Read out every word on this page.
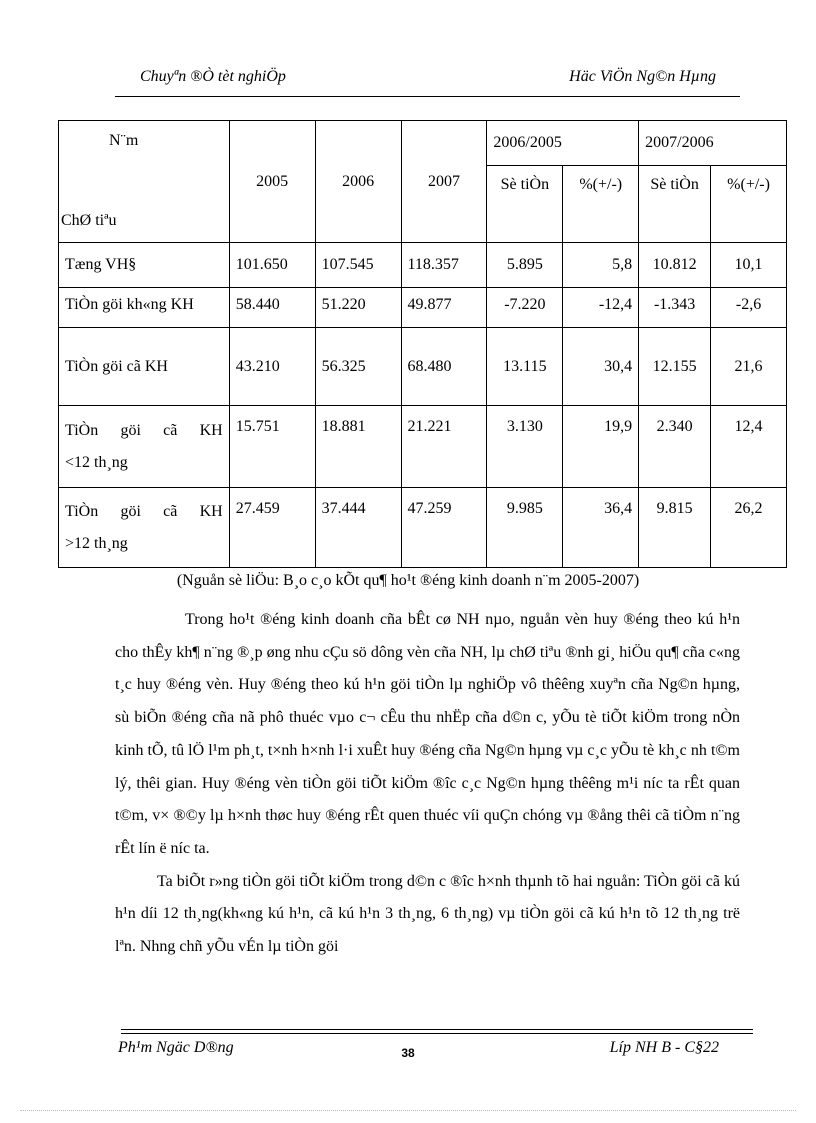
Chuyªn ®Ò tèt nghiÖp	Häc ViÖn Ng©n Hµng
N¨m
ChØ tiªu	2005	2006	2007	2006/2005		2007/2006	
				Sè tiÒn	%(+/-)	Sè tiÒn	%(+/-)
Tæng VH§	101.650	107.545	118.357	5.895	5,8	10.812	10,1
TiÒn göi kh«ng KH	58.440	51.220	49.877	-7.220	-12,4	-1.343	-2,6
TiÒn göi cã KH	43.210	56.325	68.480	13.115	30,4	12.155	21,6

TiÒn göi cã KH
<12 th¸ng	15.751	18.881	21.221	3.130	19,9	2.340	12,4

TiÒn göi cã KH
>12 th¸ng	27.459	37.444	47.259	9.985	36,4	9.815	26,2
(Nguån sè liÖu: B¸o c¸o kÕt qu¶ ho¹t ®éng kinh doanh n¨m 2005-2007)

Trong ho¹t ®éng kinh doanh cña bÊt cø NH nµo, nguån vèn huy ®éng theo kú h¹n cho thÊy kh¶ n¨ng ®¸p øng nhu cÇu sö dông vèn cña NH, lµ chØ tiªu ®nh gi¸ hiÖu qu¶ cña c«ng t¸c huy ®éng vèn. Huy ®éng theo kú h¹n göi tiÒn lµ nghiÖp vô thêêng xuyªn cña Ng©n hµng, sù biÕn ®éng cña nã phô thuéc vµo c¬ cÊu thu nhËp cña d©n c, yÕu tè tiÕt kiÖm trong nÒn kinh tÕ, tû lÖ l¹m ph¸t, t×nh h×nh l·i xuÊt huy ®éng cña Ng©n hµng vµ c¸c yÕu tè kh¸c nh t©m lý, thêi gian. Huy ®éng vèn tiÒn göi tiÕt kiÖm ®îc c¸c Ng©n hµng thêêng m¹i níc ta rÊt quan t©m, v× ®©y lµ h×nh thøc huy ®éng rÊt quen thuéc víi quÇn chóng vµ ®ång thêi cã tiÒm n¨ng rÊt lín ë níc ta.

Ta biÕt r»ng tiÒn göi tiÕt kiÖm trong d©n c ®îc h×nh thµnh tõ hai nguån: TiÒn göi cã kú h¹n díi 12 th¸ng(kh«ng kú h¹n, cã kú h¹n 3 th¸ng, 6 th¸ng) vµ tiÒn göi cã kú h¹n tõ 12 th¸ng trë lªn. Nhng chñ yÕu vÉn lµ tiÒn göi

Ph¹m Ngäc D®ng	38	Líp NH B - C§22
